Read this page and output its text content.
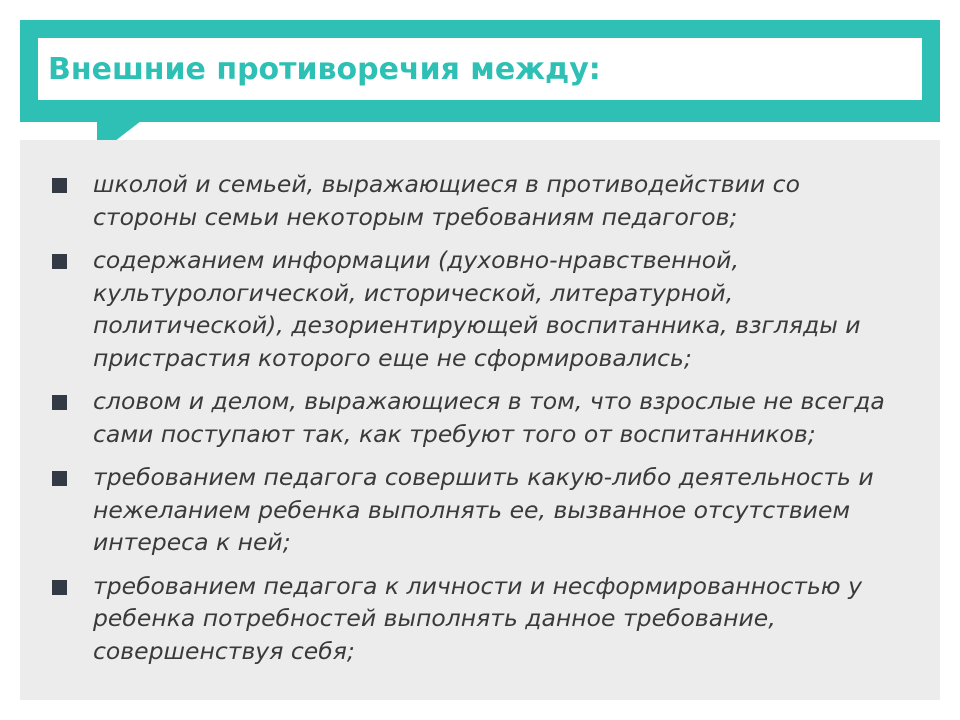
Внешние противоречия между:
школой и семьей, выражающиеся в противодействии со стороны семьи некоторым требованиям педагогов;
содержанием информации (духовно-нравственной, культурологической, исторической, литературной, политической), дезориентирующей воспитанника, взгляды и пристрастия которого еще не сформировались;
словом и делом, выражающиеся в том, что взрослые не всегда сами поступают так, как требуют того от воспитанников;
требованием педагога совершить какую-либо деятельность и нежеланием ребенка выполнять ее, вызванное отсутствием интереса к ней;
требованием педагога к личности и несформированностью у ребенка потребностей выполнять данное требование, совершенствуя себя;
